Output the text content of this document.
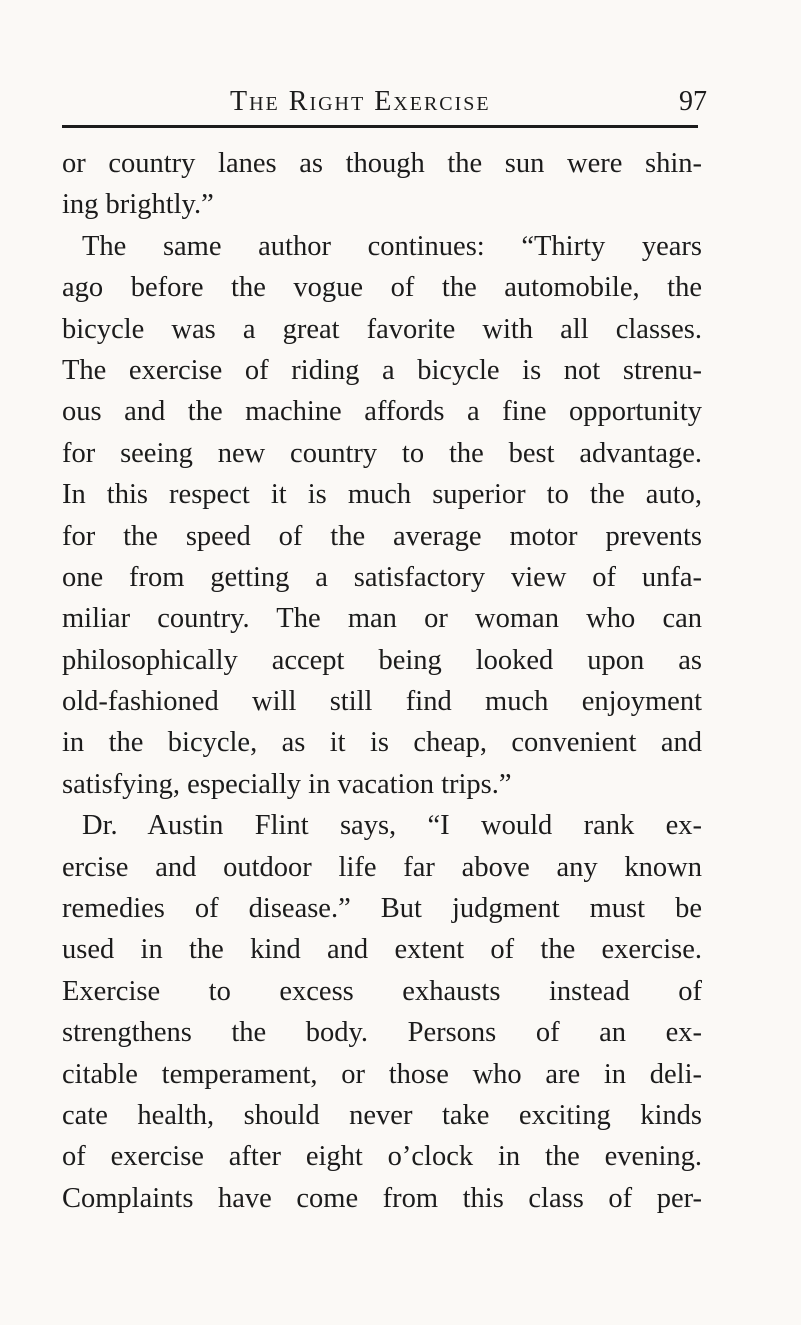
The Right Exercise	97
or country lanes as though the sun were shin-
ing brightly.”
The same author continues: “Thirty years
ago before the vogue of the automobile, the
bicycle was a great favorite with all classes.
The exercise of riding a bicycle is not strenu-
ous and the machine affords a fine opportunity
for seeing new country to the best advantage.
In this respect it is much superior to the auto,
for the speed of the average motor prevents
one from getting a satisfactory view of unfa-
miliar country. The man or woman who can
philosophically accept being looked upon as
old-fashioned will still find much enjoyment
in the bicycle, as it is cheap, convenient and
satisfying, especially in vacation trips.”
Dr. Austin Flint says, “I would rank ex-
ercise and outdoor life far above any known
remedies of disease.” But judgment must be
used in the kind and extent of the exercise.
Exercise to excess exhausts instead of
strengthens the body. Persons of an ex-
citable temperament, or those who are in deli-
cate health, should never take exciting kinds
of exercise after eight o’clock in the evening.
Complaints have come from this class of per-
